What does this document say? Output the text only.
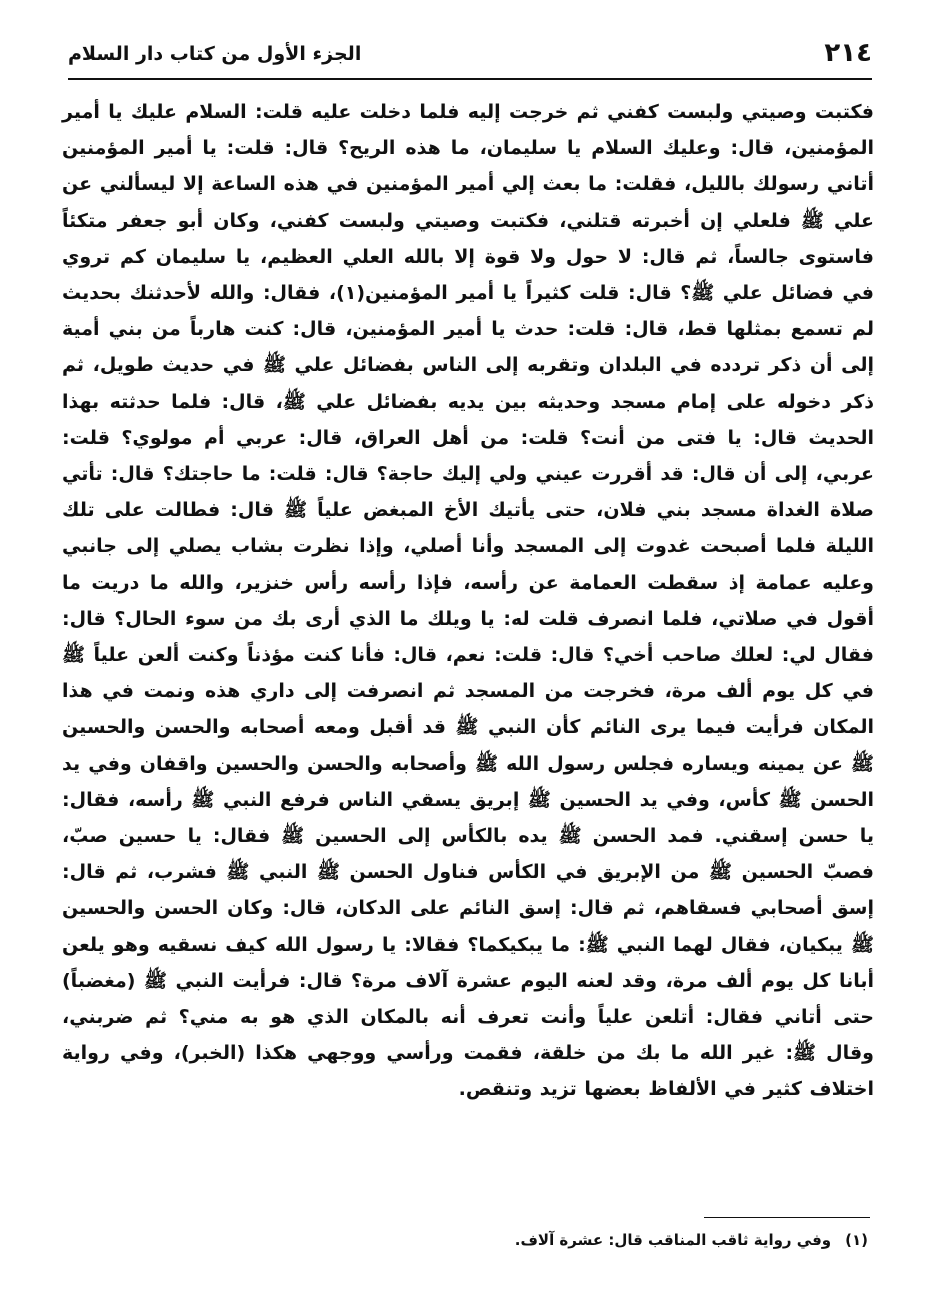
٢١٤
الجزء الأول من كتاب دار السلام

فكتبت وصيتي ولبست كفني ثم خرجت إليه فلما دخلت عليه قلت: السلام عليك يا أمير المؤمنين، قال: وعليك السلام يا سليمان، ما هذه الريح؟ قال: قلت: يا أمير المؤمنين أتاني رسولك بالليل، فقلت: ما بعث إلي أمير المؤمنين في هذه الساعة إلا ليسألني عن علي ﷺ فلعلي إن أخبرته قتلني، فكتبت وصيتي ولبست كفني، وكان أبو جعفر متكئاً فاستوى جالساً، ثم قال: لا حول ولا قوة إلا بالله العلي العظيم، يا سليمان كم تروي في فضائل علي ﷺ؟ قال: قلت كثيراً يا أمير المؤمنين(١)، فقال: والله لأحدثنك بحديث لم تسمع بمثلها قط، قال: قلت: حدث يا أمير المؤمنين، قال: كنت هارباً من بني أمية إلى أن ذكر تردده في البلدان وتقربه إلى الناس بفضائل علي ﷺ في حديث طويل، ثم ذكر دخوله على إمام مسجد وحديثه بين يديه بفضائل علي ﷺ، قال: فلما حدثته بهذا الحديث قال: يا فتى من أنت؟ قلت: من أهل العراق، قال: عربي أم مولوي؟ قلت: عربي، إلى أن قال: قد أقررت عيني ولي إليك حاجة؟ قال: قلت: ما حاجتك؟ قال: تأتي صلاة الغداة مسجد بني فلان، حتى يأتيك الأخ المبغض علياً ﷺ قال: فطالت على تلك الليلة فلما أصبحت غدوت إلى المسجد وأنا أصلي، وإذا نظرت بشاب يصلي إلى جانبي وعليه عمامة إذ سقطت العمامة عن رأسه، فإذا رأسه رأس خنزير، والله ما دريت ما أقول في صلاتي، فلما انصرف قلت له: يا ويلك ما الذي أرى بك من سوء الحال؟ قال: فقال لي: لعلك صاحب أخي؟ قال: قلت: نعم، قال: فأنا كنت مؤذناً وكنت ألعن علياً ﷺ في كل يوم ألف مرة، فخرجت من المسجد ثم انصرفت إلى داري هذه ونمت في هذا المكان فرأيت فيما يرى النائم كأن النبي ﷺ قد أقبل ومعه أصحابه والحسن والحسين ﷺ عن يمينه ويساره فجلس رسول الله ﷺ وأصحابه والحسن والحسين واقفان وفي يد الحسن ﷺ كأس، وفي يد الحسين ﷺ إبريق يسقي الناس فرفع النبي ﷺ رأسه، فقال: يا حسن إسقني. فمد الحسن ﷺ يده بالكأس إلى الحسين ﷺ فقال: يا حسين صبّ، فصبّ الحسين ﷺ من الإبريق في الكأس فناول الحسن ﷺ النبي ﷺ فشرب، ثم قال: إسق أصحابي فسقاهم، ثم قال: إسق النائم على الدكان، قال: وكان الحسن والحسين ﷺ يبكيان، فقال لهما النبي ﷺ: ما يبكيكما؟ فقالا: يا رسول الله كيف نسقيه وهو يلعن أبانا كل يوم ألف مرة، وقد لعنه اليوم عشرة آلاف مرة؟ قال: فرأيت النبي ﷺ (مغضباً) حتى أتاني فقال: أتلعن علياً وأنت تعرف أنه بالمكان الذي هو به مني؟ ثم ضربني، وقال ﷺ: غير الله ما بك من خلقة، فقمت ورأسي ووجهي هكذا (الخبر)، وفي رواية اختلاف كثير في الألفاظ بعضها تزيد وتنقص.

(١)وفي رواية ثاقب المناقب قال: عشرة آلاف.
